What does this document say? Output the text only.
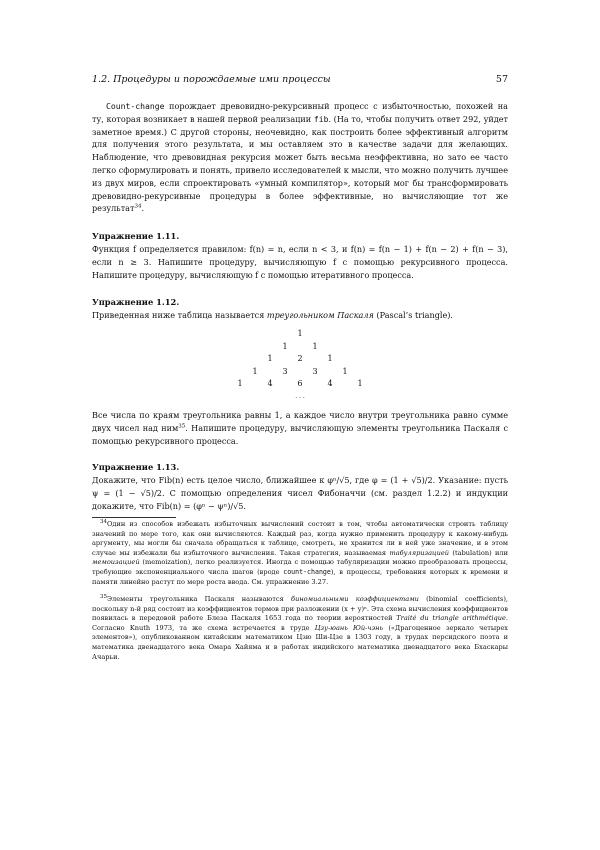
1.2. Процедуры и порождаемые ими процессы	57

Count-change порождает древовидно-рекурсивный процесс с избыточностью, похожей на ту, которая возникает в нашей первой реализации fib. (На то, чтобы получить ответ 292, уйдет заметное время.) С другой стороны, неочевидно, как построить более эффективный алгоритм для получения этого результата, и мы оставляем это в качестве задачи для желающих. Наблюдение, что древовидная рекурсия может быть весьма неэффективна, но зато ее часто легко сформулировать и понять, привело исследователей к мысли, что можно получить лучшее из двух миров, если спроектировать «умный компилятор», который мог бы трансформировать древовидно-рекурсивные процедуры в более эффективные, но вычисляющие тот же результат$^{34}$.

Упражнение 1.11.

Функция f определяется правилом: f(n) = n, если n < 3, и f(n) = f(n − 1) + f(n − 2) + f(n − 3), если n ≥ 3. Напишите процедуру, вычисляющую f с помощью рекурсивного процесса. Напишите процедуру, вычисляющую f с помощью итеративного процесса.

Упражнение 1.12.

Приведенная ниже таблица называется треугольником Паскаля (Pascal’s triangle).

1
1	1
1	2	1
1	3	3	1
1	4	6	4	1
. . .

Все числа по краям треугольника равны 1, а каждое число внутри треугольника равно сумме двух чисел над ним$^{35}$. Напишите процедуру, вычисляющую элементы треугольника Паскаля с помощью рекурсивного процесса.

Упражнение 1.13.

Докажите, что Fib(n) есть целое число, ближайшее к φⁿ/√5, где φ = (1 + √5)/2. Указание: пусть ψ = (1 − √5)/2. С помощью определения чисел Фибоначчи (см. раздел 1.2.2) и индукции докажите, что Fib(n) = (φⁿ − ψⁿ)/√5.

$^{34}$Один из способов избежать избыточных вычислений состоит в том, чтобы автоматически строить таблицу значений по мере того, как они вычисляются. Каждый раз, когда нужно применить процедуру к какому-нибудь аргументу, мы могли бы сначала обращаться к таблице, смотреть, не хранится ли в ней уже значение, и в этом случае мы избежали бы избыточного вычисления. Такая стратегия, называемая табуляризацией (tabulation) или мемоизацией (memoization), легко реализуется. Иногда с помощью табуляризации можно преобразовать процессы, требующие экспоненциального числа шагов (вроде count-change), в процессы, требования которых к времени и памяти линейно растут по мере роста ввода. См. упражнение 3.27.

$^{35}$Элементы треугольника Паскаля называются биномиальными коэффициентами (binomial coefficients), поскольку n-й ряд состоит из коэффициентов термов при разложении (x + y)ⁿ. Эта схема вычисления коэффициентов появилась в передовой работе Блеза Паскаля 1653 года по теории вероятностей Traité du triangle arithmétique. Согласно Knuth 1973, та же схема встречается в труде Цзу-юань Юй-чэнь («Драгоценное зеркало четырех элементов»), опубликованном китайским математиком Цзю Ши-Цзе в 1303 году, в трудах персидского поэта и математика двенадцатого века Омара Хайяма и в работах индийского математика двенадцатого века Бхаскары Ачарьи.
